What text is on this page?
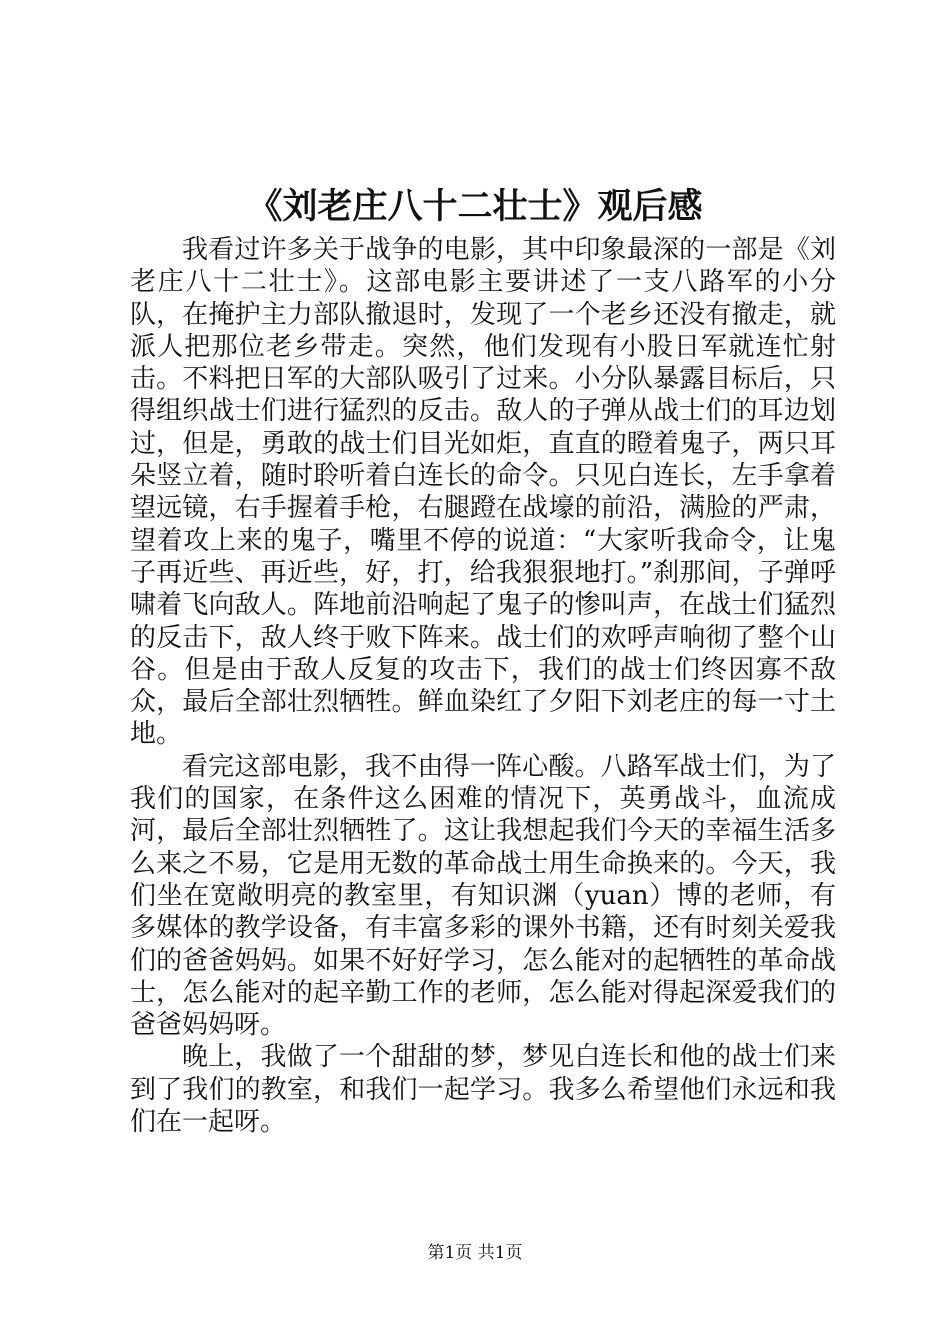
《刘老庄八十二壮士》观后感

我看过许多关于战争的电影，其中印象最深的一部是《刘老庄八十二壮士》。这部电影主要讲述了一支八路军的小分队，在掩护主力部队撤退时，发现了一个老乡还没有撤走，就派人把那位老乡带走。突然，他们发现有小股日军就连忙射击。不料把日军的大部队吸引了过来。小分队暴露目标后，只得组织战士们进行猛烈的反击。敌人的子弹从战士们的耳边划过，但是，勇敢的战士们目光如炬，直直的瞪着鬼子，两只耳朵竖立着，随时聆听着白连长的命令。只见白连长，左手拿着望远镜，右手握着手枪，右腿蹬在战壕的前沿，满脸的严肃，望着攻上来的鬼子，嘴里不停的说道：“大家听我命令，让鬼子再近些、再近些，好，打，给我狠狠地打。”刹那间，子弹呼啸着飞向敌人。阵地前沿响起了鬼子的惨叫声，在战士们猛烈的反击下，敌人终于败下阵来。战士们的欢呼声响彻了整个山谷。但是由于敌人反复的攻击下，我们的战士们终因寡不敌众，最后全部壮烈牺牲。鲜血染红了夕阳下刘老庄的每一寸土地。

看完这部电影，我不由得一阵心酸。八路军战士们，为了我们的国家，在条件这么困难的情况下，英勇战斗，血流成河，最后全部壮烈牺牲了。这让我想起我们今天的幸福生活多么来之不易，它是用无数的革命战士用生命换来的。今天，我们坐在宽敞明亮的教室里，有知识渊（yuan）博的老师，有多媒体的教学设备，有丰富多彩的课外书籍，还有时刻关爱我们的爸爸妈妈。如果不好好学习，怎么能对的起牺牲的革命战士，怎么能对的起辛勤工作的老师，怎么能对得起深爱我们的爸爸妈妈呀。

晚上，我做了一个甜甜的梦，梦见白连长和他的战士们来到了我们的教室，和我们一起学习。我多么希望他们永远和我们在一起呀。

第1页 共1页
